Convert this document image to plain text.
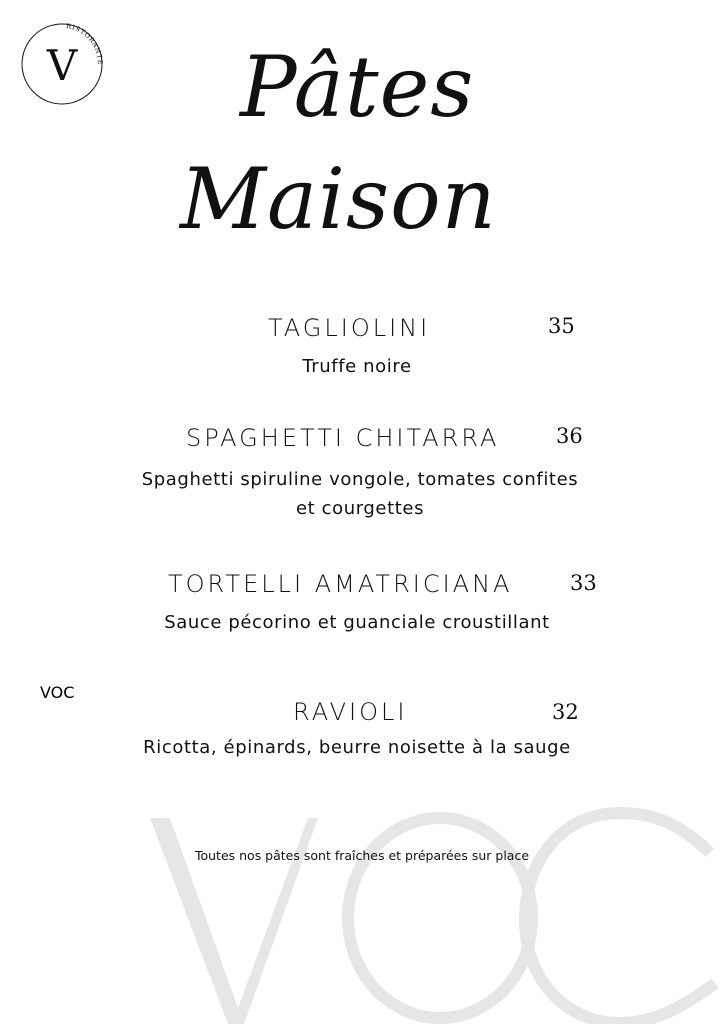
VOC
V
RISTORANTE Pâtes
Maison
TAGLIOLINI	35
Truffe noire
SPAGHETTI CHITARRA	36
Spaghetti spiruline vongole, tomates confites et courgettes
TORTELLI AMATRICIANA	33
Sauce pécorino et guanciale croustillant
RAVIOLI	32
Ricotta, épinards, beurre noisette à la sauge
Toutes nos pâtes sont fraîches et préparées sur place
